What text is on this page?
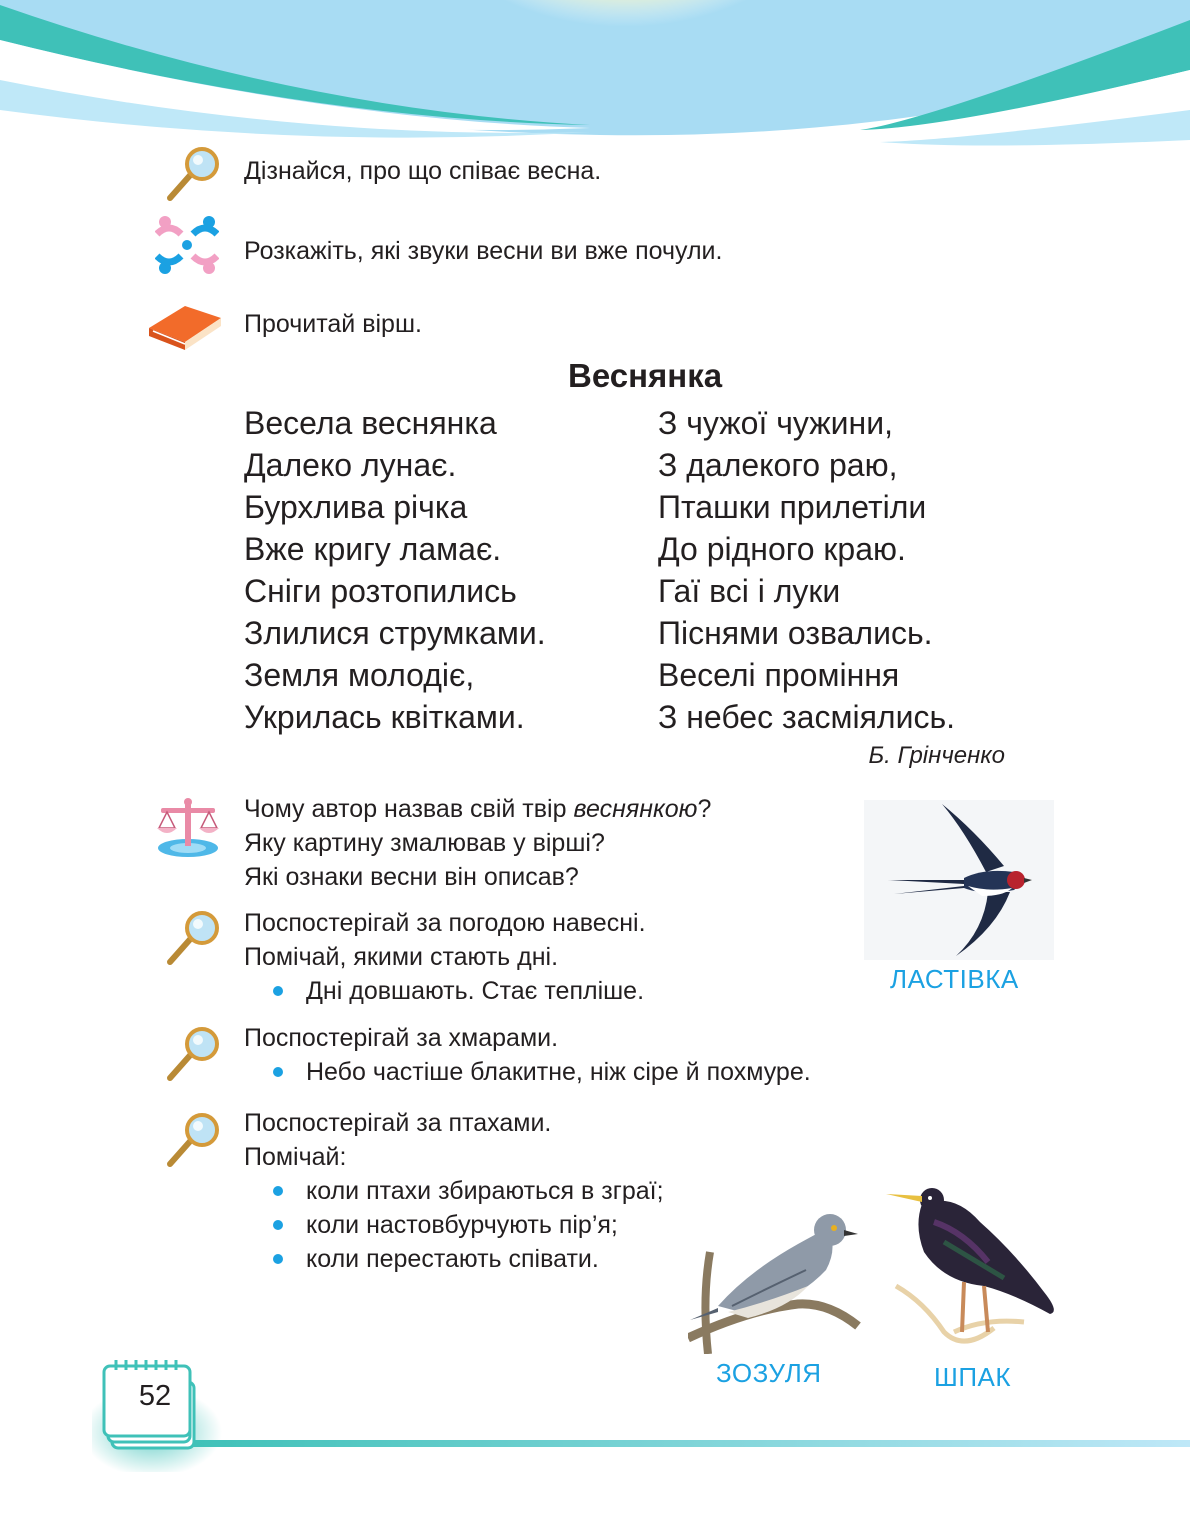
Дізнайся, про що співає весна.

Розкажіть, які звуки весни ви вже почули.

Прочитай вірш.

Веснянка
Весела веснянка
Далеко лунає.
Бурхлива річка
Вже кригу ламає.
Сніги розтопились
Злилися струмками.
Земля молодіє,
Укрилась квітками.
З чужої чужини,
З далекого раю,
Пташки прилетіли
До рідного краю.
Гаї всі і луки
Піснями озвались.
Веселі проміння
З небес засміялись.

Б. Грінченко

Чому автор назвав свій твір веснянкою?

Яку картину змалював у вірші?

Які ознаки весни він описав?

Поспостерігай за погодою навесні.

Помічай, якими стають дні.

Дні довшають. Стає тепліше.

Поспостерігай за хмарами.

Небо частіше блакитне, ніж сіре й похмуре.

Поспостерігай за птахами.

Помічай:

коли птахи збираються в зграї;
коли настовбурчують пір’я;
коли перестають співати.
ЛАСТІВКА
ЗОЗУЛЯ	ШПАК
52
